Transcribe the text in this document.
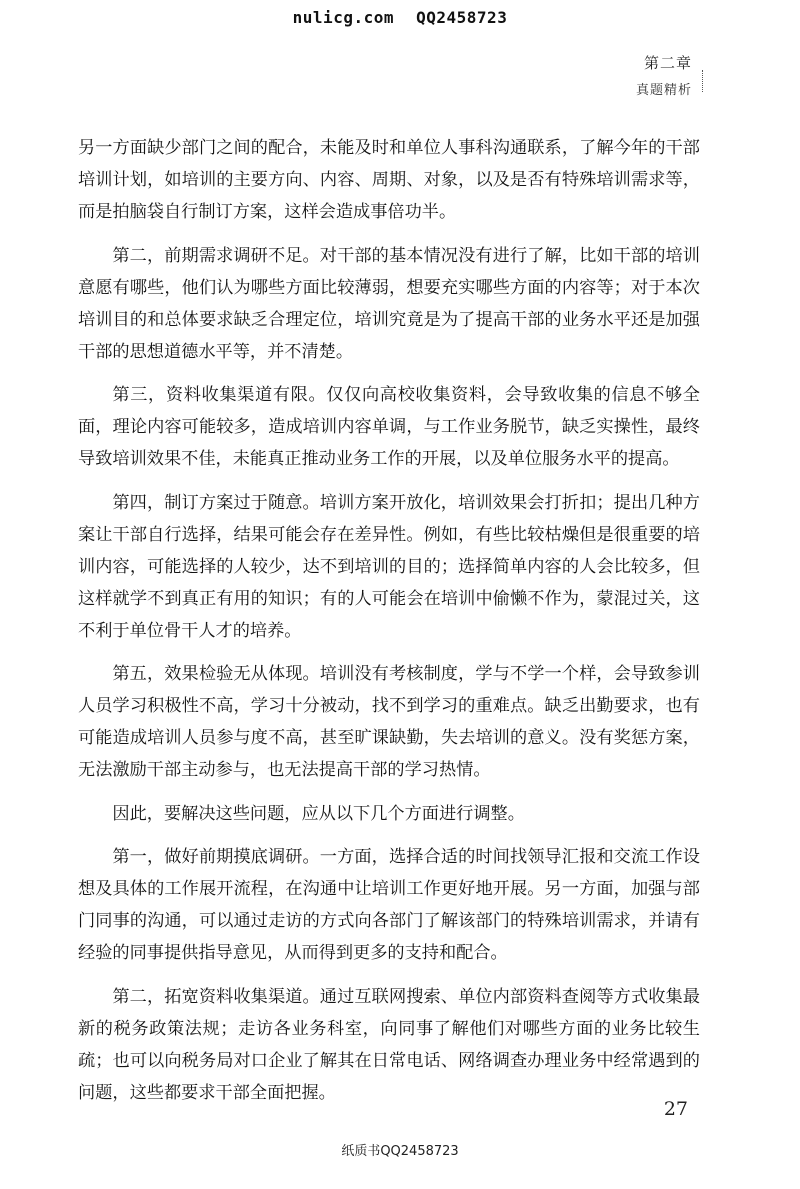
nulicg.com QQ2458723
第二章
真题精析

另一方面缺少部门之间的配合，未能及时和单位人事科沟通联系，了解今年的干部培训计划，如培训的主要方向、内容、周期、对象，以及是否有特殊培训需求等，而是拍脑袋自行制订方案，这样会造成事倍功半。

第二，前期需求调研不足。对干部的基本情况没有进行了解，比如干部的培训意愿有哪些，他们认为哪些方面比较薄弱，想要充实哪些方面的内容等；对于本次培训目的和总体要求缺乏合理定位，培训究竟是为了提高干部的业务水平还是加强干部的思想道德水平等，并不清楚。

第三，资料收集渠道有限。仅仅向高校收集资料，会导致收集的信息不够全面，理论内容可能较多，造成培训内容单调，与工作业务脱节，缺乏实操性，最终导致培训效果不佳，未能真正推动业务工作的开展，以及单位服务水平的提高。

第四，制订方案过于随意。培训方案开放化，培训效果会打折扣；提出几种方案让干部自行选择，结果可能会存在差异性。例如，有些比较枯燥但是很重要的培训内容，可能选择的人较少，达不到培训的目的；选择简单内容的人会比较多，但这样就学不到真正有用的知识；有的人可能会在培训中偷懒不作为，蒙混过关，这不利于单位骨干人才的培养。

第五，效果检验无从体现。培训没有考核制度，学与不学一个样，会导致参训人员学习积极性不高，学习十分被动，找不到学习的重难点。缺乏出勤要求，也有可能造成培训人员参与度不高，甚至旷课缺勤，失去培训的意义。没有奖惩方案，无法激励干部主动参与，也无法提高干部的学习热情。

因此，要解决这些问题，应从以下几个方面进行调整。

第一，做好前期摸底调研。一方面，选择合适的时间找领导汇报和交流工作设想及具体的工作展开流程，在沟通中让培训工作更好地开展。另一方面，加强与部门同事的沟通，可以通过走访的方式向各部门了解该部门的特殊培训需求，并请有经验的同事提供指导意见，从而得到更多的支持和配合。

第二，拓宽资料收集渠道。通过互联网搜索、单位内部资料查阅等方式收集最新的税务政策法规；走访各业务科室，向同事了解他们对哪些方面的业务比较生疏；也可以向税务局对口企业了解其在日常电话、网络调查办理业务中经常遇到的问题，这些都要求干部全面把握。

27
纸质书QQ2458723
